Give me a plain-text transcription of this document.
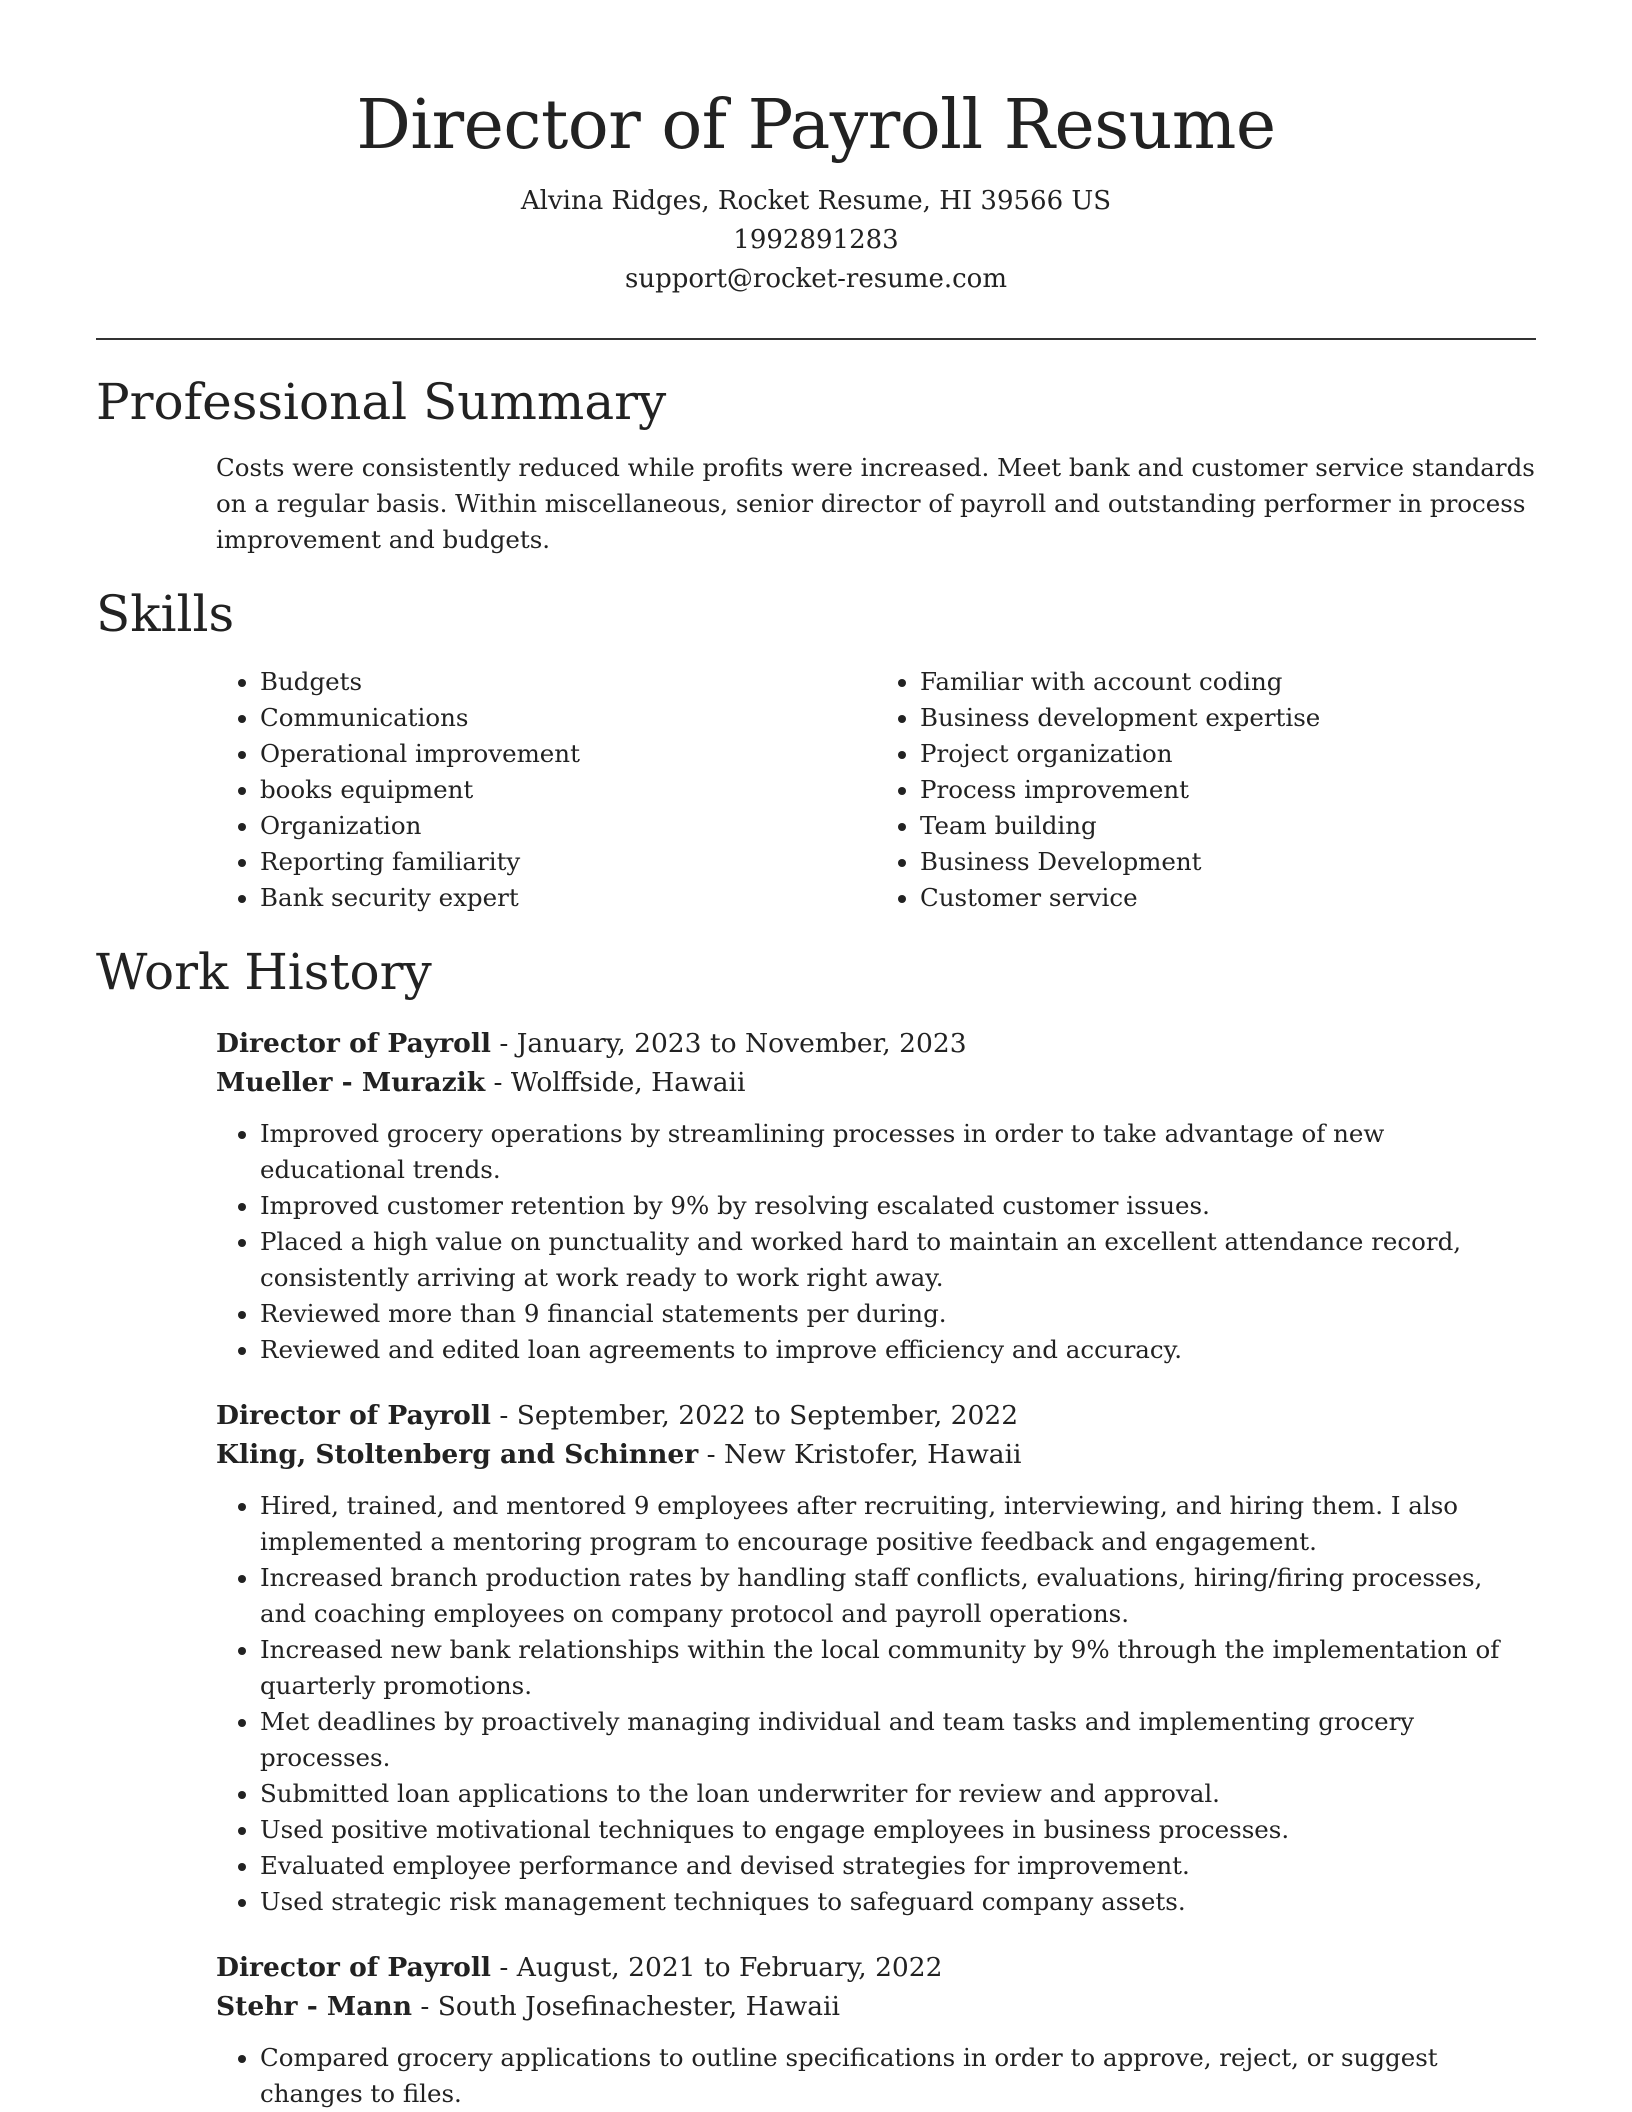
Director of Payroll Resume

Alvina Ridges, Rocket Resume, HI 39566 US

1992891283

support@rocket-resume.com

Professional Summary

Costs were consistently reduced while profits were increased. Meet bank and customer service standards on a regular basis. Within miscellaneous, senior director of payroll and outstanding performer in process improvement and budgets.

Skills
• Budgets
• Communications
• Operational improvement
• books equipment
• Organization
• Reporting familiarity
• Bank security expert
• Familiar with account coding
• Business development expertise
• Project organization
• Process improvement
• Team building
• Business Development
• Customer service
Work History

Director of Payroll - January, 2023 to November, 2023

Mueller - Murazik - Wolffside, Hawaii

• Improved grocery operations by streamlining processes in order to take advantage of new educational trends.
• Improved customer retention by 9% by resolving escalated customer issues.
• Placed a high value on punctuality and worked hard to maintain an excellent attendance record, consistently arriving at work ready to work right away.
• Reviewed more than 9 financial statements per during.
• Reviewed and edited loan agreements to improve efficiency and accuracy.

Director of Payroll - September, 2022 to September, 2022

Kling, Stoltenberg and Schinner - New Kristofer, Hawaii

• Hired, trained, and mentored 9 employees after recruiting, interviewing, and hiring them. I also implemented a mentoring program to encourage positive feedback and engagement.
• Increased branch production rates by handling staff conflicts, evaluations, hiring/firing processes, and coaching employees on company protocol and payroll operations.
• Increased new bank relationships within the local community by 9% through the implementation of quarterly promotions.
• Met deadlines by proactively managing individual and team tasks and implementing grocery processes.
• Submitted loan applications to the loan underwriter for review and approval.
• Used positive motivational techniques to engage employees in business processes.
• Evaluated employee performance and devised strategies for improvement.
• Used strategic risk management techniques to safeguard company assets.

Director of Payroll - August, 2021 to February, 2022

Stehr - Mann - South Josefinachester, Hawaii

• Compared grocery applications to outline specifications in order to approve, reject, or suggest changes to files.
